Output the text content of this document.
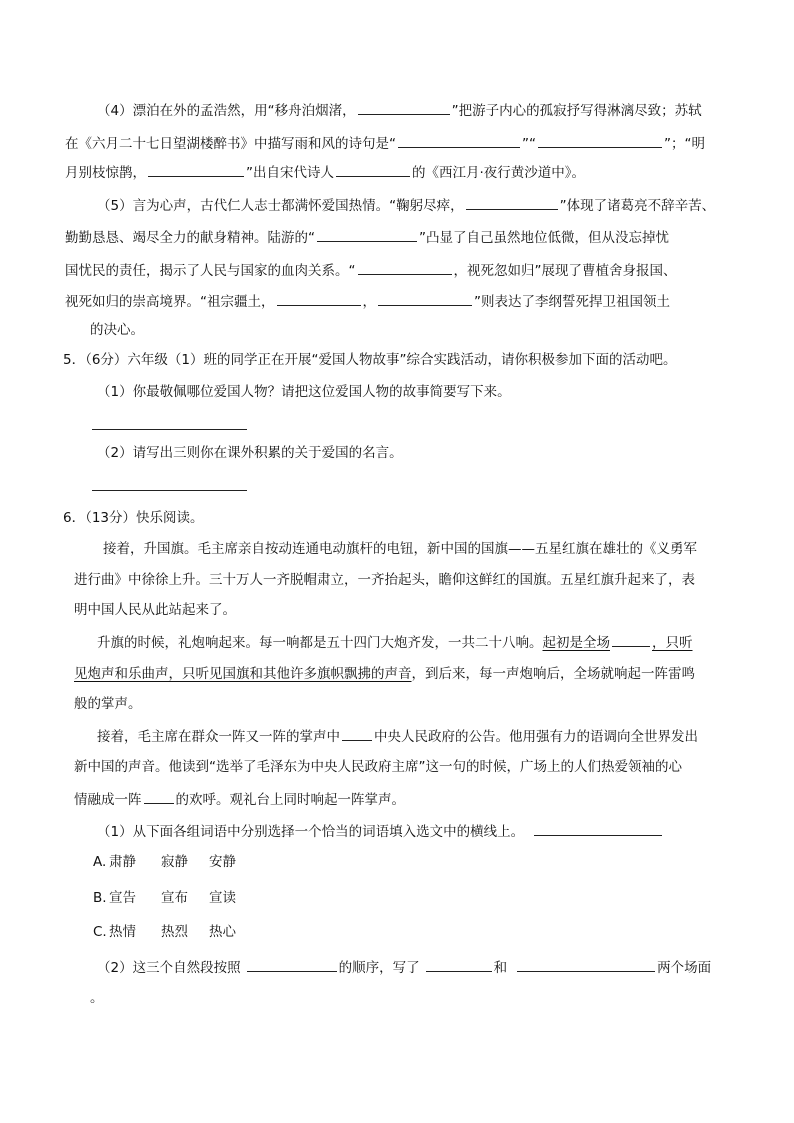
（4）漂泊在外的孟浩然，用“移舟泊烟渚，	”把游子内心的孤寂抒写得淋漓尽致；苏轼
在《六月二十七日望湖楼醉书》中描写雨和风的诗句是“	”“	”；“明
月别枝惊鹊，	”出自宋代诗人	的《西江月·夜行黄沙道中》。
（5）言为心声，古代仁人志士都满怀爱国热情。“鞠躬尽瘁，	”体现了诸葛亮不辞辛苦、
勤勤恳恳、竭尽全力的献身精神。陆游的“	”凸显了自己虽然地位低微，但从没忘掉忧
国忧民的责任，揭示了人民与国家的血肉关系。“	，视死忽如归”展现了曹植舍身报国、
视死如归的崇高境界。“祖宗疆土，	，	”则表达了李纲誓死捍卫祖国领土
的决心。
5．（6分）六年级（1）班的同学正在开展“爱国人物故事”综合实践活动，请你积极参加下面的活动吧。
（1）你最敬佩哪位爱国人物？请把这位爱国人物的故事简要写下来。
（2）请写出三则你在课外积累的关于爱国的名言。
6．（13分）快乐阅读。
接着，升国旗。毛主席亲自按动连通电动旗杆的电钮，新中国的国旗——五星红旗在雄壮的《义勇军
进行曲》中徐徐上升。三十万人一齐脱帽肃立，一齐抬起头，瞻仰这鲜红的国旗。五星红旗升起来了，表
明中国人民从此站起来了。
升旗的时候，礼炮响起来。每一响都是五十四门大炮齐发，一共二十八响。起初是全场	，只听
见炮声和乐曲声，只听见国旗和其他许多旗帜飘拂的声音，到后来，每一声炮响后，全场就响起一阵雷鸣
般的掌声。
接着，毛主席在群众一阵又一阵的掌声中	中央人民政府的公告。他用强有力的语调向全世界发出
新中国的声音。他读到“选举了毛泽东为中央人民政府主席”这一句的时候，广场上的人们热爱领袖的心
情融成一阵	的欢呼。观礼台上同时响起一阵掌声。
（1）从下面各组词语中分别选择一个恰当的词语填入选文中的横线上。
A. 肃静 寂静 安静
B. 宣告 宣布 宣读
C. 热情 热烈 热心
（2）这三个自然段按照	的顺序，写了	和	两个场面
。
